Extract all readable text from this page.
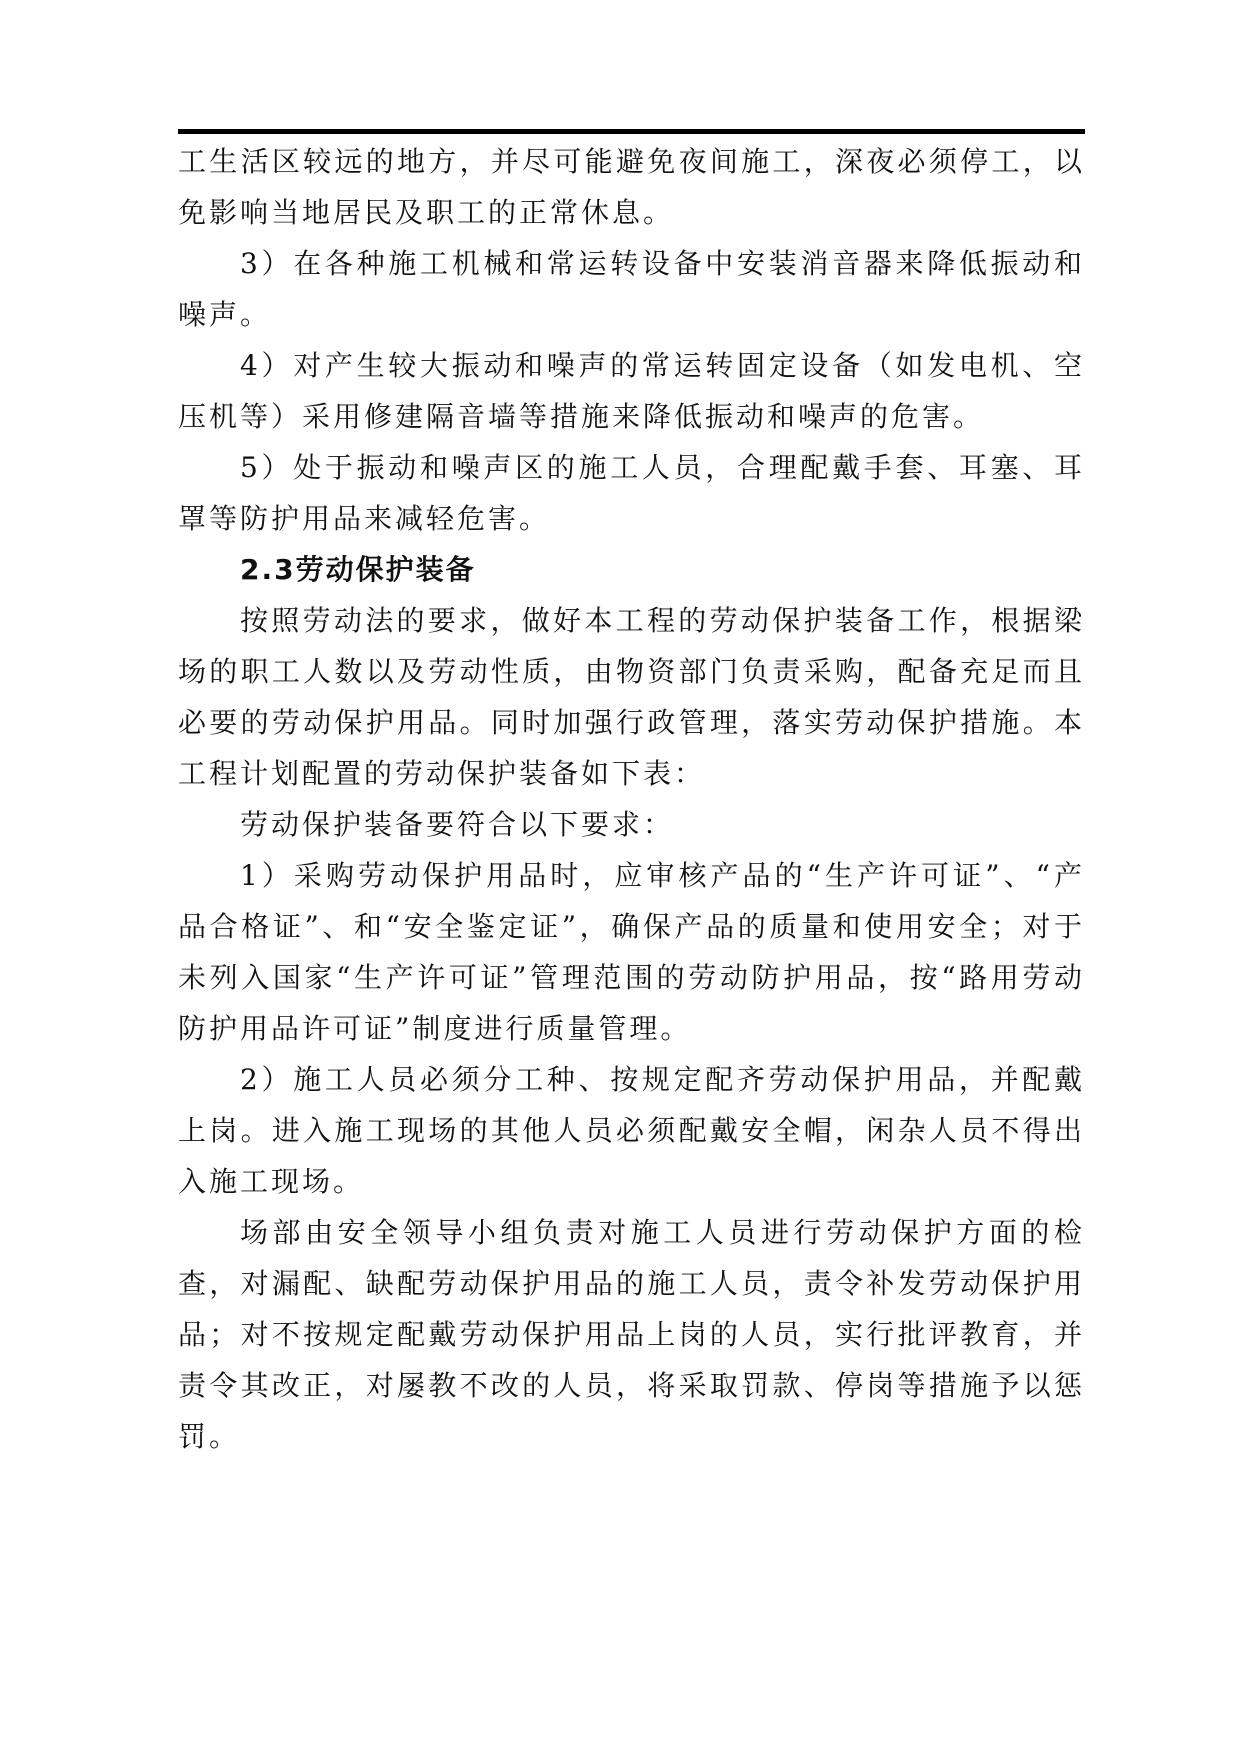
工生活区较远的地方，并尽可能避免夜间施工，深夜必须停工，以免影响当地居民及职工的正常休息。

3）在各种施工机械和常运转设备中安装消音器来降低振动和噪声。

4）对产生较大振动和噪声的常运转固定设备（如发电机、空压机等）采用修建隔音墙等措施来降低振动和噪声的危害。

5）处于振动和噪声区的施工人员，合理配戴手套、耳塞、耳罩等防护用品来减轻危害。

2.3劳动保护装备

按照劳动法的要求，做好本工程的劳动保护装备工作，根据梁场的职工人数以及劳动性质，由物资部门负责采购，配备充足而且必要的劳动保护用品。同时加强行政管理，落实劳动保护措施。本工程计划配置的劳动保护装备如下表：

劳动保护装备要符合以下要求：

1）采购劳动保护用品时，应审核产品的“生产许可证”、“产品合格证”、和“安全鉴定证”，确保产品的质量和使用安全；对于未列入国家“生产许可证”管理范围的劳动防护用品，按“路用劳动防护用品许可证”制度进行质量管理。

2）施工人员必须分工种、按规定配齐劳动保护用品，并配戴上岗。进入施工现场的其他人员必须配戴安全帽，闲杂人员不得出入施工现场。

场部由安全领导小组负责对施工人员进行劳动保护方面的检查，对漏配、缺配劳动保护用品的施工人员，责令补发劳动保护用品；对不按规定配戴劳动保护用品上岗的人员，实行批评教育，并责令其改正，对屡教不改的人员，将采取罚款、停岗等措施予以惩罚。
